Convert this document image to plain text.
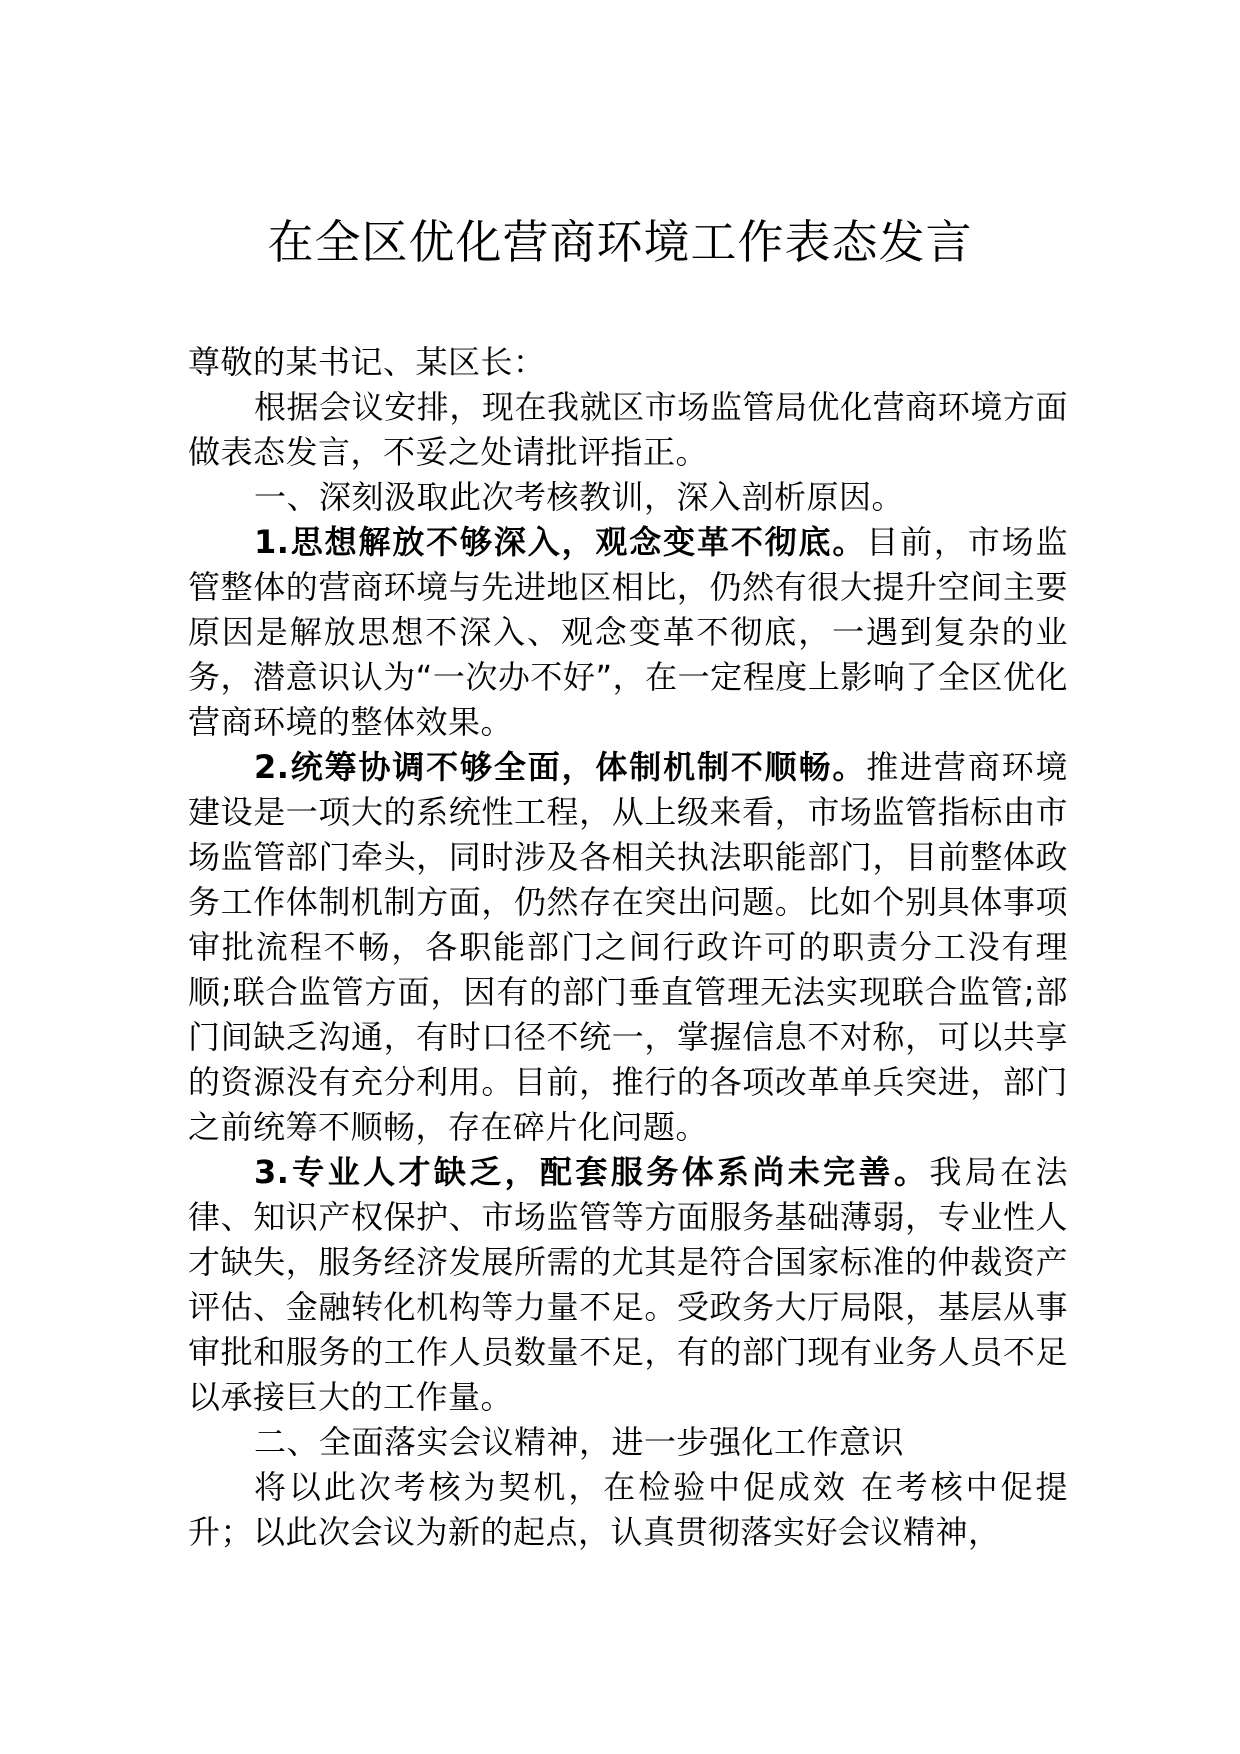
在全区优化营商环境工作表态发言

尊敬的某书记、某区长：

根据会议安排，现在我就区市场监管局优化营商环境方面做表态发言，不妥之处请批评指正。

一、深刻汲取此次考核教训，深入剖析原因。

1.思想解放不够深入，观念变革不彻底。目前，市场监管整体的营商环境与先进地区相比，仍然有很大提升空间主要原因是解放思想不深入、观念变革不彻底，一遇到复杂的业务，潜意识认为“一次办不好”，在一定程度上影响了全区优化营商环境的整体效果。

2.统筹协调不够全面，体制机制不顺畅。推进营商环境建设是一项大的系统性工程，从上级来看，市场监管指标由市场监管部门牵头，同时涉及各相关执法职能部门，目前整体政务工作体制机制方面，仍然存在突出问题。比如个别具体事项审批流程不畅，各职能部门之间行政许可的职责分工没有理顺;联合监管方面，因有的部门垂直管理无法实现联合监管;部门间缺乏沟通，有时口径不统一，掌握信息不对称，可以共享的资源没有充分利用。目前，推行的各项改革单兵突进，部门之前统筹不顺畅，存在碎片化问题。

3.专业人才缺乏，配套服务体系尚未完善。我局在法律、知识产权保护、市场监管等方面服务基础薄弱，专业性人才缺失，服务经济发展所需的尤其是符合国家标准的仲裁资产评估、金融转化机构等力量不足。受政务大厅局限，基层从事审批和服务的工作人员数量不足，有的部门现有业务人员不足以承接巨大的工作量。

二、全面落实会议精神，进一步强化工作意识

将以此次考核为契机，在检验中促成效 在考核中促提升；以此次会议为新的起点，认真贯彻落实好会议精神，
